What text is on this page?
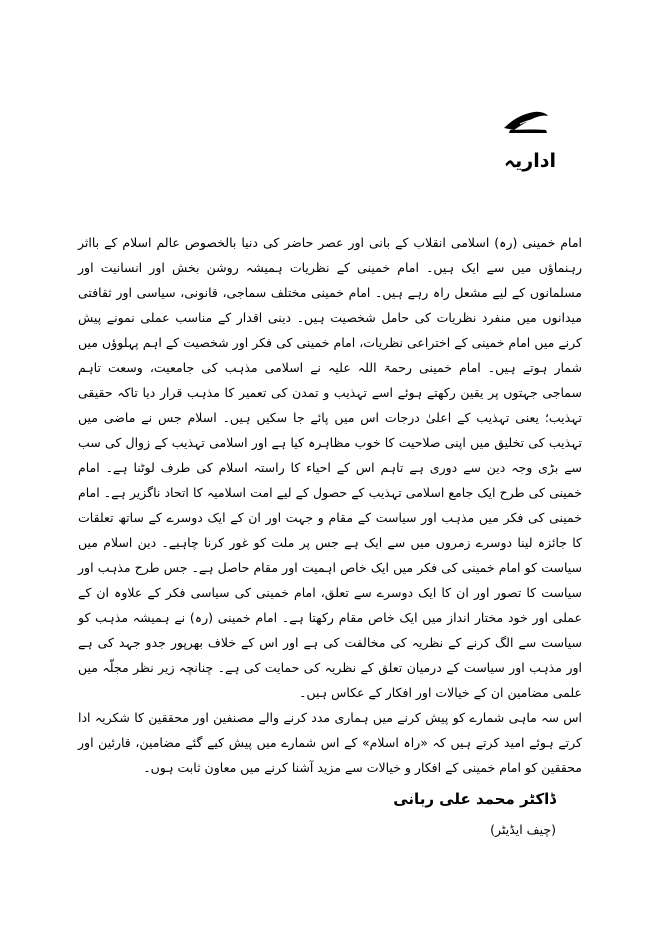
اداریہ

امام خمینی (رہ) اسلامی انقلاب کے بانی اور عصر حاضر کی دنیا بالخصوص عالم اسلام کے بااثر رہنماؤں میں سے ایک ہیں۔ امام خمینی کے نظریات ہمیشہ روشن بخش اور انسانیت اور مسلمانوں کے لیے مشعل راہ رہے ہیں۔ امام خمینی مختلف سماجی، قانونی، سیاسی اور ثقافتی میدانوں میں منفرد نظریات کی حامل شخصیت ہیں۔ دینی اقدار کے مناسب عملی نمونے پیش کرنے میں امام خمینی کے اختراعی نظریات، امام خمینی کی فکر اور شخصیت کے اہم پہلوؤں میں شمار ہوتے ہیں۔ امام خمینی رحمۃ اللہ علیہ نے اسلامی مذہب کی جامعیت، وسعت تاہم سماجی جہتوں پر یقین رکھتے ہوئے اسے تہذیب و تمدن کی تعمیر کا مذہب قرار دیا تاکہ حقیقی تہذیب؛ یعنی تہذیب کے اعلیٰ درجات اس میں پائے جا سکیں ہیں۔ اسلام جس نے ماضی میں تہذیب کی تخلیق میں اپنی صلاحیت کا خوب مظاہرہ کیا ہے اور اسلامی تہذیب کے زوال کی سب سے بڑی وجہ دین سے دوری ہے تاہم اس کے احیاء کا راستہ اسلام کی طرف لوٹنا ہے۔ امام خمینی کی طرح ایک جامع اسلامی تہذیب کے حصول کے لیے امت اسلامیہ کا اتحاد ناگزیر ہے۔ امام خمینی کی فکر میں مذہب اور سیاست کے مقام و جہت اور ان کے ایک دوسرے کے ساتھ تعلقات کا جائزہ لینا دوسرے زمروں میں سے ایک ہے جس پر ملت کو غور کرنا چاہیے۔ دین اسلام میں سیاست کو امام خمینی کی فکر میں ایک خاص اہمیت اور مقام حاصل ہے۔ جس طرح مذہب اور سیاست کا تصور اور ان کا ایک دوسرے سے تعلق، امام خمینی کی سیاسی فکر کے علاوہ ان کے عملی اور خود مختار انداز میں ایک خاص مقام رکھتا ہے۔ امام خمینی (رہ) نے ہمیشہ مذہب کو سیاست سے الگ کرنے کے نظریہ کی مخالفت کی ہے اور اس کے خلاف بھرپور جدو جہد کی ہے اور مذہب اور سیاست کے درمیان تعلق کے نظریہ کی حمایت کی ہے۔ چنانچہ زیر نظر مجلّہ میں علمی مضامین ان کے خیالات اور افکار کے عکاس ہیں۔

اس سہ ماہی شمارے کو پیش کرنے میں ہماری مدد کرنے والے مصنفین اور محققین کا شکریہ ادا کرتے ہوئے امید کرتے ہیں کہ «راہ اسلام» کے اس شمارے میں پیش کیے گئے مضامین، قارئین اور محققین کو امام خمینی کے افکار و خیالات سے مزید آشنا کرنے میں معاون ثابت ہوں۔

ڈاکٹر محمد علی ربانی
(چیف ایڈیٹر)
